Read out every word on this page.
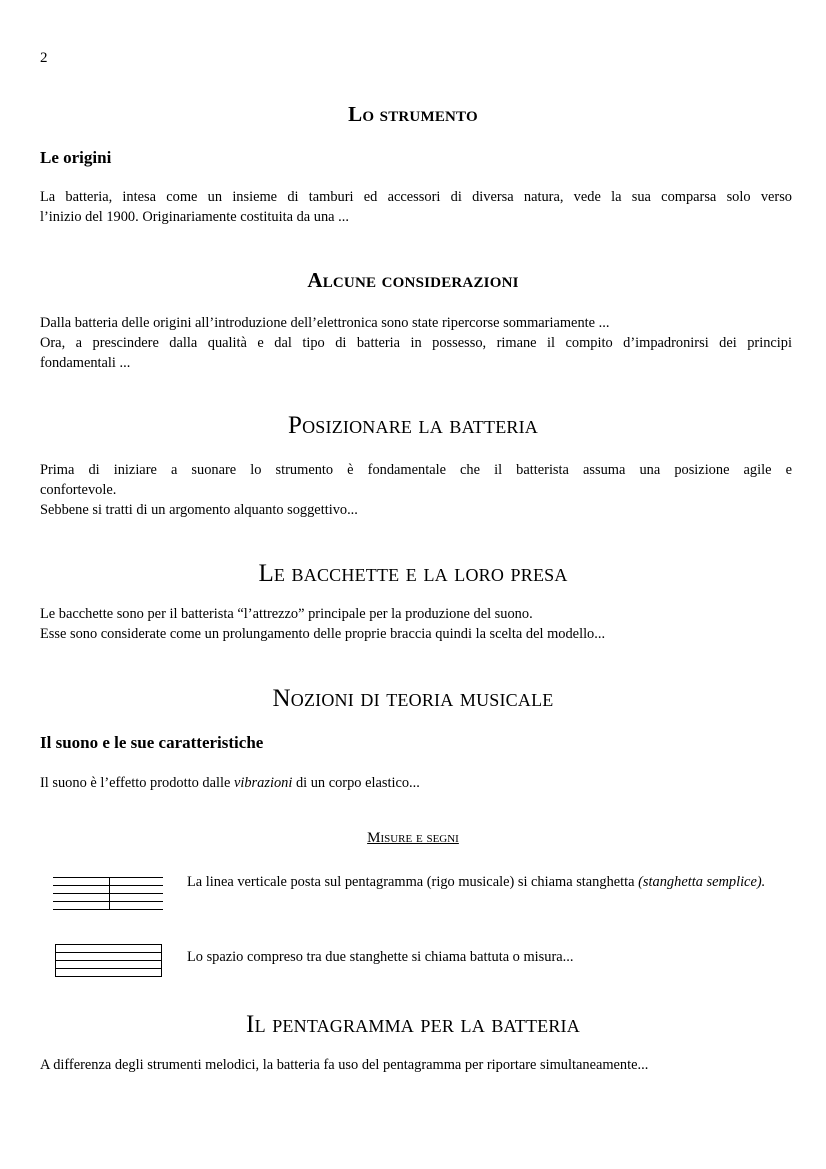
2
Lo strumento
Le origini
La batteria, intesa come un insieme di tamburi ed accessori di diversa natura, vede la sua comparsa solo verso
l’inizio del 1900. Originariamente costituita da una ...
Alcune considerazioni
Dalla batteria delle origini all’introduzione dell’elettronica sono state ripercorse sommariamente ...
Ora, a prescindere dalla qualità e dal tipo di batteria in possesso, rimane il compito d’impadronirsi dei principi
fondamentali ...
Posizionare la batteria
Prima di iniziare a suonare lo strumento è fondamentale che il batterista assuma una posizione agile e
confortevole.
Sebbene si tratti di un argomento alquanto soggettivo...
Le bacchette e la loro presa
Le bacchette sono per il batterista “l’attrezzo” principale per la produzione del suono.
Esse sono considerate come un prolungamento delle proprie braccia quindi la scelta del modello...
Nozioni di teoria musicale
Il suono e le sue caratteristiche
Il suono è l’effetto prodotto dalle vibrazioni di un corpo elastico...
Misure e segni
La linea verticale posta sul pentagramma (rigo musicale) si chiama stanghetta (stanghetta semplice).
Lo spazio compreso tra due stanghette si chiama battuta o misura...
Il pentagramma per la batteria
A differenza degli strumenti melodici, la batteria fa uso del pentagramma per riportare simultaneamente...
